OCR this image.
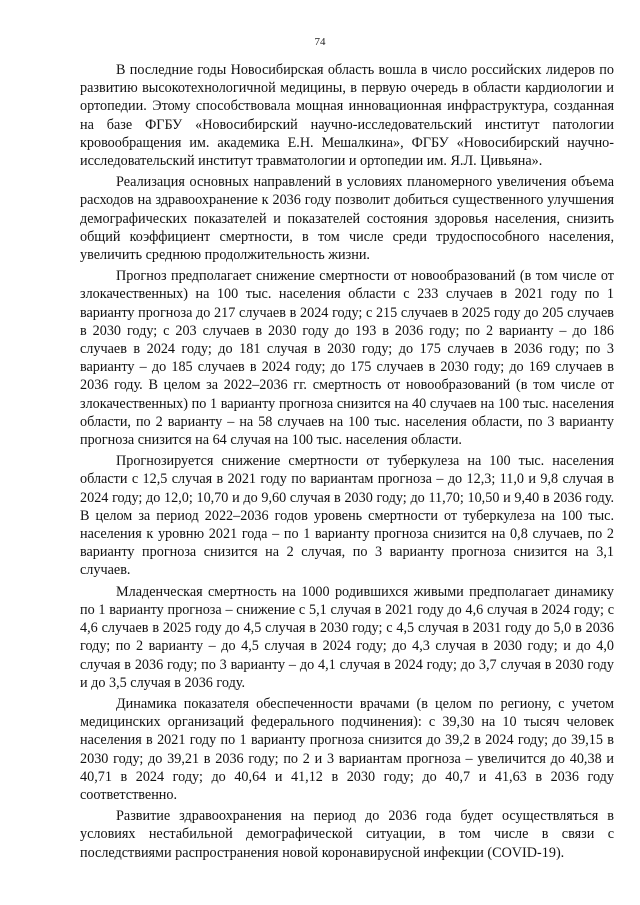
74

В последние годы Новосибирская область вошла в число российских лидеров по развитию высокотехнологичной медицины, в первую очередь в области кардиологии и ортопедии. Этому способствовала мощная инновационная инфраструктура, созданная на базе ФГБУ «Новосибирский научно-исследовательский институт патологии кровообращения им. академика Е.Н. Мешалкина», ФГБУ «Новосибирский научно-исследовательский институт травматологии и ортопедии им. Я.Л. Цивьяна».

Реализация основных направлений в условиях планомерного увеличения объема расходов на здравоохранение к 2036 году позволит добиться существенного улучшения демографических показателей и показателей состояния здоровья населения, снизить общий коэффициент смертности, в том числе среди трудоспособного населения, увеличить среднюю продолжительность жизни.

Прогноз предполагает снижение смертности от новообразований (в том числе от злокачественных) на 100 тыс. населения области с 233 случаев в 2021 году по 1 варианту прогноза до 217 случаев в 2024 году; с 215 случаев в 2025 году до 205 случаев в 2030 году; с 203 случаев в 2030 году до 193 в 2036 году; по 2 варианту – до 186 случаев в 2024 году; до 181 случая в 2030 году; до 175 случаев в 2036 году; по 3 варианту – до 185 случаев в 2024 году; до 175 случаев в 2030 году; до 169 случаев в 2036 году. В целом за 2022–2036 гг. смертность от новообразований (в том числе от злокачественных) по 1 варианту прогноза снизится на 40 случаев на 100 тыс. населения области, по 2 варианту – на 58 случаев на 100 тыс. населения области, по 3 варианту прогноза снизится на 64 случая на 100 тыс. населения области.

Прогнозируется снижение смертности от туберкулеза на 100 тыс. населения области с 12,5 случая в 2021 году по вариантам прогноза – до 12,3; 11,0 и 9,8 случая в 2024 году; до 12,0; 10,70 и до 9,60 случая в 2030 году; до 11,70; 10,50 и 9,40 в 2036 году. В целом за период 2022–2036 годов уровень смертности от туберкулеза на 100 тыс. населения к уровню 2021 года – по 1 варианту прогноза снизится на 0,8 случаев, по 2 варианту прогноза снизится на 2 случая, по 3 варианту прогноза снизится на 3,1 случаев.

Младенческая смертность на 1000 родившихся живыми предполагает динамику по 1 варианту прогноза – снижение с 5,1 случая в 2021 году до 4,6 случая в 2024 году; с 4,6 случаев в 2025 году до 4,5 случая в 2030 году; с 4,5 случая в 2031 году до 5,0 в 2036 году; по 2 варианту – до 4,5 случая в 2024 году; до 4,3 случая в 2030 году; и до 4,0 случая в 2036 году; по 3 варианту – до 4,1 случая в 2024 году; до 3,7 случая в 2030 году и до 3,5 случая в 2036 году.

Динамика показателя обеспеченности врачами (в целом по региону, с учетом медицинских организаций федерального подчинения): с 39,30 на 10 тысяч человек населения в 2021 году по 1 варианту прогноза снизится до 39,2 в 2024 году; до 39,15 в 2030 году; до 39,21 в 2036 году; по 2 и 3 вариантам прогноза – увеличится до 40,38 и 40,71 в 2024 году; до 40,64 и 41,12 в 2030 году; до 40,7 и 41,63 в 2036 году соответственно.

Развитие здравоохранения на период до 2036 года будет осуществляться в условиях нестабильной демографической ситуации, в том числе в связи с последствиями распространения новой коронавирусной инфекции (COVID-19).
